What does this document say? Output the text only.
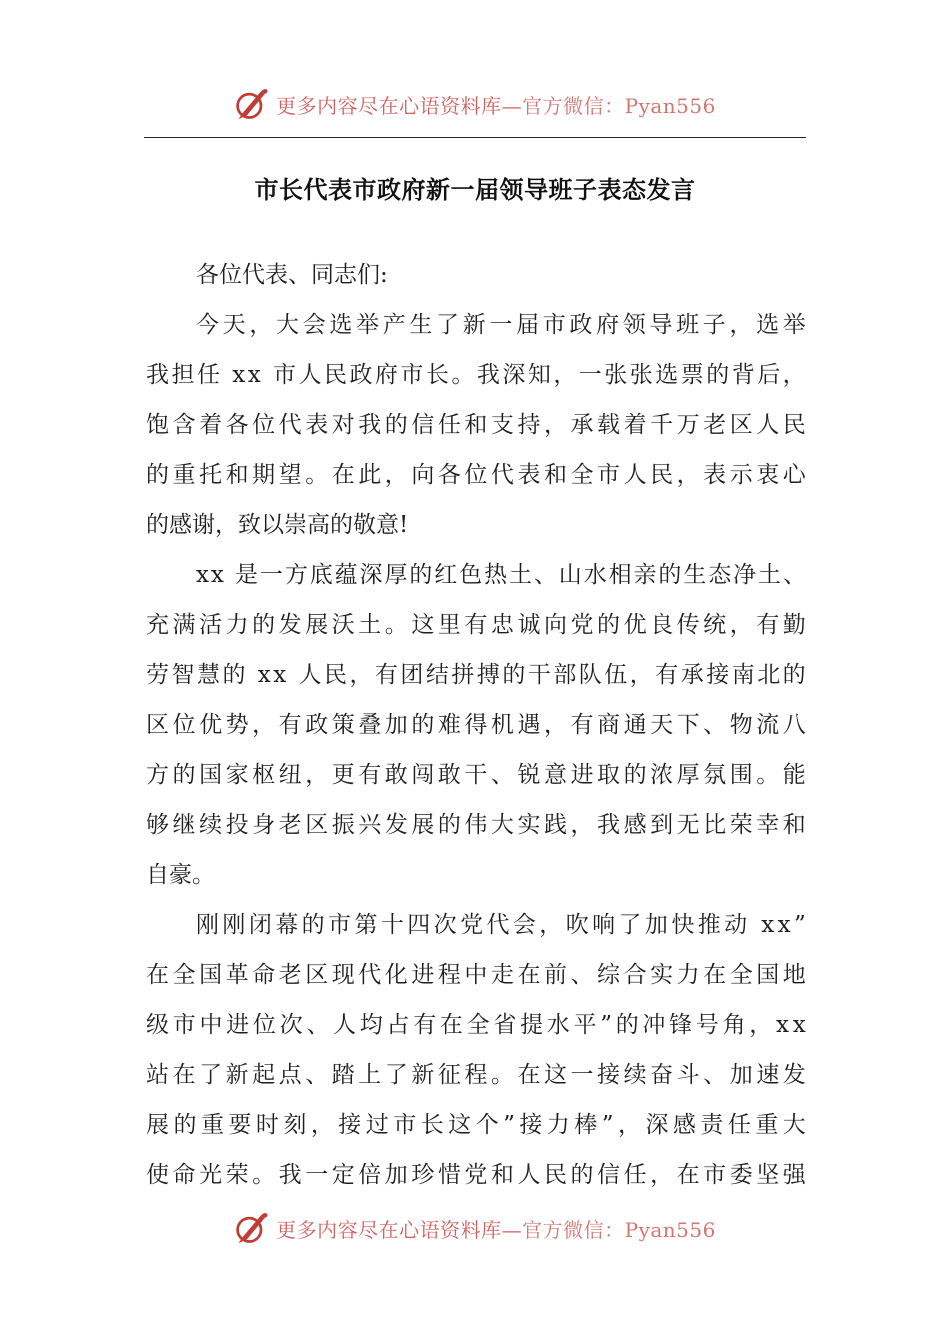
更多内容尽在心语资料库—官方微信：Pyan556
市长代表市政府新一届领导班子表态发言
各位代表、同志们:
今 天 ， 大 会 选 举 产 生 了 新 一 届 市 政 府 领 导 班 子 ， 选 举
我 担 任
x x
市 人 民 政 府 市 长 。 我 深 知 ， 一 张 张 选 票 的 背 后 ，
饱 含 着 各 位 代 表 对 我 的 信 任 和 支 持 ， 承 载 着 千 万 老 区 人 民
的 重 托 和 期 望 。 在 此 ， 向 各 位 代 表 和 全 市 人 民 ， 表 示 衷 心
的感谢，致以崇高的敬意!
x x
是 一 方 底 蕴 深 厚 的 红 色 热 土 、 山 水 相 亲 的 生 态 净 土 、
充 满 活 力 的 发 展 沃 土 。 这 里 有 忠 诚 向 党 的 优 良 传 统 ， 有 勤
劳 智 慧 的
x x
人 民 ， 有 团 结 拼 搏 的 干 部 队 伍 ， 有 承 接 南 北 的
区 位 优 势 ， 有 政 策 叠 加 的 难 得 机 遇 ， 有 商 通 天 下 、 物 流 八
方 的 国 家 枢 纽 ， 更 有 敢 闯 敢 干 、 锐 意 进 取 的 浓 厚 氛 围 。 能
够 继 续 投 身 老 区 振 兴 发 展 的 伟 大 实 践 ， 我 感 到 无 比 荣 幸 和
自豪。
刚 刚 闭 幕 的 市 第 十 四 次 党 代 会 ， 吹 响 了 加 快 推 动
x x ”
在 全 国 革 命 老 区 现 代 化 进 程 中 走 在 前 、 综 合 实 力 在 全 国 地
级 市 中 进 位 次 、 人 均 占 有 在 全 省 提 水 平 ” 的 冲 锋 号 角 ， x x
站 在 了 新 起 点 、 踏 上 了 新 征 程 。 在 这 一 接 续 奋 斗 、 加 速 发
展 的 重 要 时 刻 ， 接 过 市 长 这 个 ” 接 力 棒 ” ， 深 感 责 任 重 大
使 命 光 荣 。 我 一 定 倍 加 珍 惜 党 和 人 民 的 信 任 ， 在 市 委 坚 强
更多内容尽在心语资料库—官方微信：Pyan556
